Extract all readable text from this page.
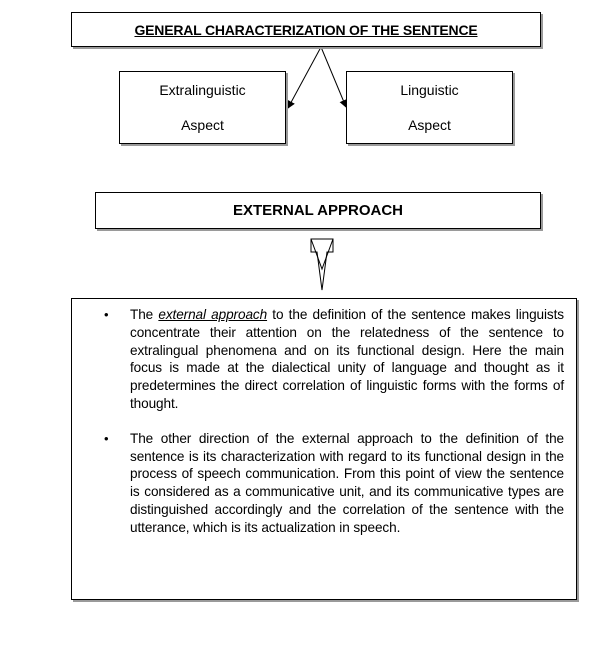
GENERAL CHARACTERIZATION OF THE SENTENCE
Extralinguistic
Aspect
Linguistic
Aspect
EXTERNAL APPROACH
• The external approach to the definition of the sentence makes linguists concentrate their attention on the relatedness of the sentence to extralingual phenomena and on its functional design. Here the main focus is made at the dialectical unity of language and thought as it predetermines the direct correlation of linguistic forms with the forms of thought.
• The other direction of the external approach to the definition of the sentence is its characterization with regard to its functional design in the process of speech communication. From this point of view the sentence is considered as a communicative unit, and its communicative types are distinguished accordingly and the correlation of the sentence with the utterance, which is its actualization in speech.
